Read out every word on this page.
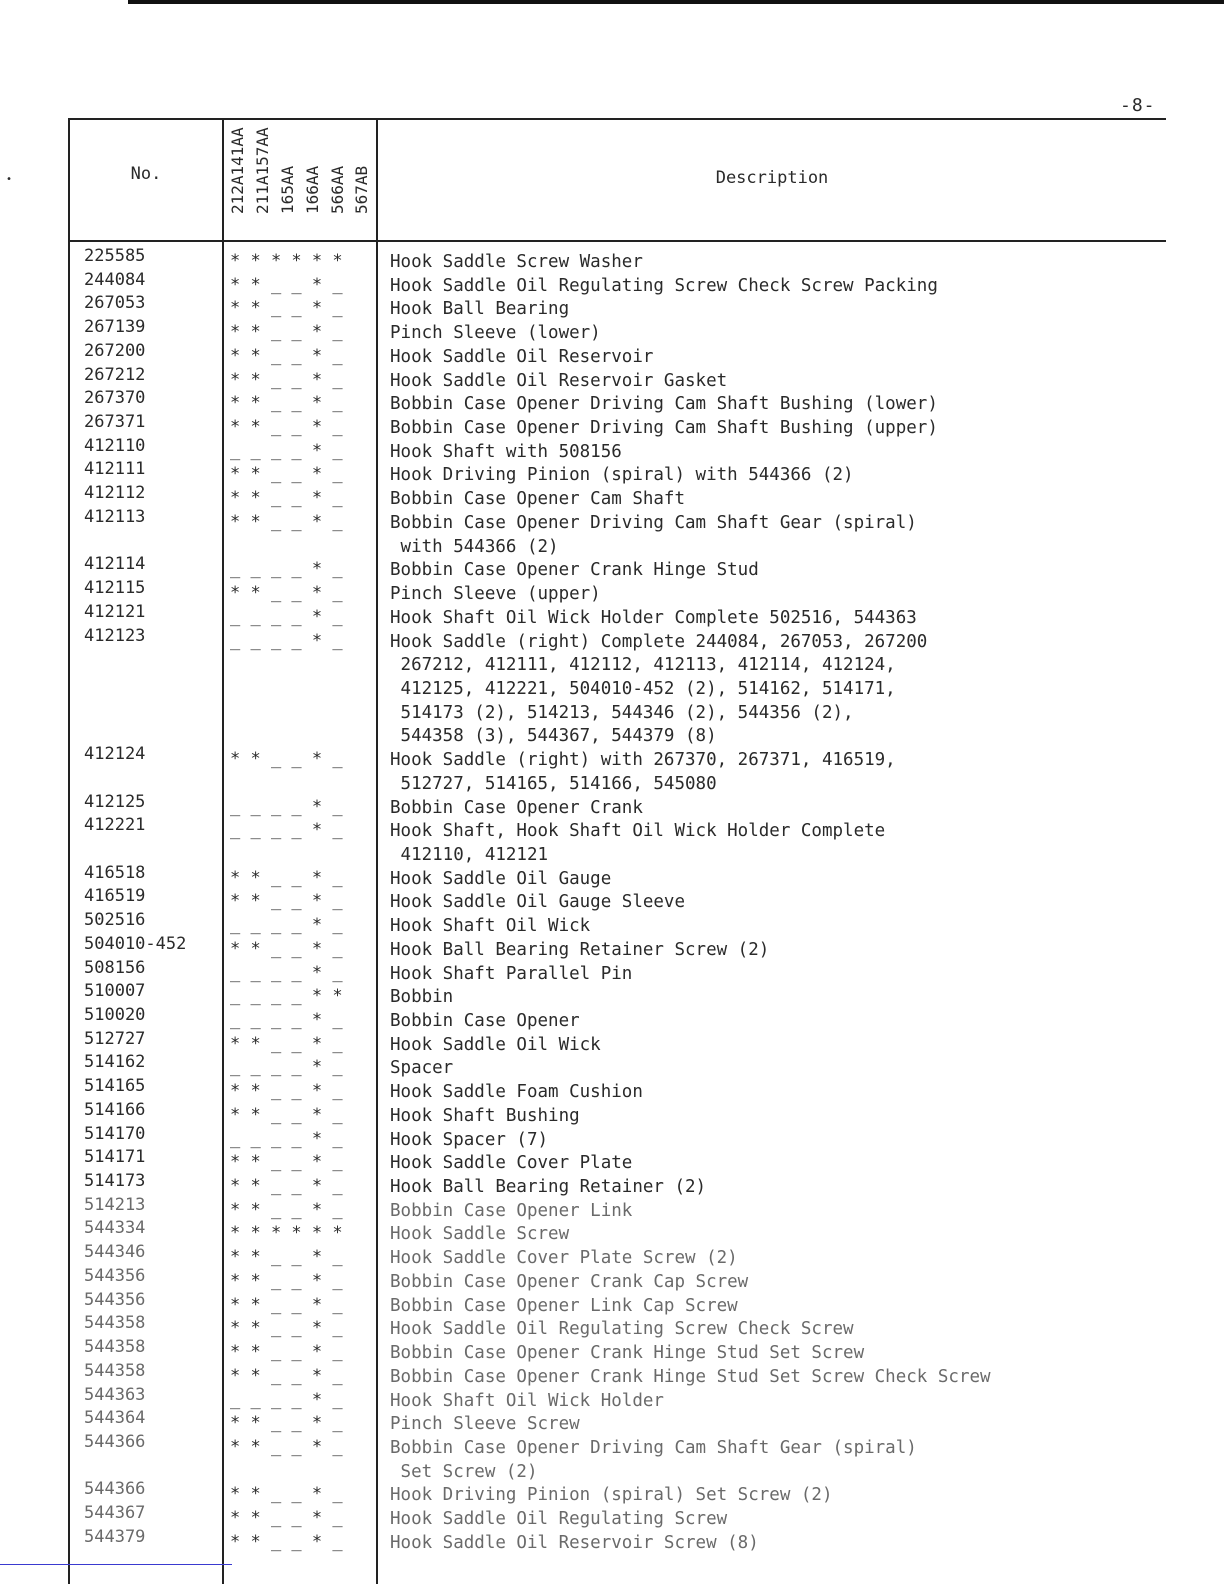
-8-
•	No.	Description
212A141AA 211A157AA 165AA 166AA 566AA 567AB
225585	* * * * * *	Hook Saddle Screw Washer
244084	* * _ _ * _	Hook Saddle Oil Regulating Screw Check Screw Packing
267053	* * _ _ * _	Hook Ball Bearing
267139	* * _ _ * _	Pinch Sleeve (lower)
267200	* * _ _ * _	Hook Saddle Oil Reservoir
267212	* * _ _ * _	Hook Saddle Oil Reservoir Gasket
267370	* * _ _ * _	Bobbin Case Opener Driving Cam Shaft Bushing (lower)
267371	* * _ _ * _	Bobbin Case Opener Driving Cam Shaft Bushing (upper)
412110	_ _ _ _ * _	Hook Shaft with 508156
412111	* * _ _ * _	Hook Driving Pinion (spiral) with 544366 (2)
412112	* * _ _ * _	Bobbin Case Opener Cam Shaft
412113	* * _ _ * _	Bobbin Case Opener Driving Cam Shaft Gear (spiral)
with 544366 (2)
412114	_ _ _ _ * _	Bobbin Case Opener Crank Hinge Stud
412115	* * _ _ * _	Pinch Sleeve (upper)
412121	_ _ _ _ * _	Hook Shaft Oil Wick Holder Complete 502516, 544363
412123	_ _ _ _ * _	Hook Saddle (right) Complete 244084, 267053, 267200
267212, 412111, 412112, 412113, 412114, 412124,
412125, 412221, 504010-452 (2), 514162, 514171,
514173 (2), 514213, 544346 (2), 544356 (2),
544358 (3), 544367, 544379 (8)
412124	* * _ _ * _	Hook Saddle (right) with 267370, 267371, 416519,
512727, 514165, 514166, 545080
412125	_ _ _ _ * _	Bobbin Case Opener Crank
412221	_ _ _ _ * _	Hook Shaft, Hook Shaft Oil Wick Holder Complete
412110, 412121
416518	* * _ _ * _	Hook Saddle Oil Gauge
416519	* * _ _ * _	Hook Saddle Oil Gauge Sleeve
502516	_ _ _ _ * _	Hook Shaft Oil Wick
504010-452	* * _ _ * _	Hook Ball Bearing Retainer Screw (2)
508156	_ _ _ _ * _	Hook Shaft Parallel Pin
510007	_ _ _ _ * *	Bobbin
510020	_ _ _ _ * _	Bobbin Case Opener
512727	* * _ _ * _	Hook Saddle Oil Wick
514162	_ _ _ _ * _	Spacer
514165	* * _ _ * _	Hook Saddle Foam Cushion
514166	* * _ _ * _	Hook Shaft Bushing
514170	_ _ _ _ * _	Hook Spacer (7)
514171	* * _ _ * _	Hook Saddle Cover Plate
514173	* * _ _ * _	Hook Ball Bearing Retainer (2)
514213	* * _ _ * _	Bobbin Case Opener Link
544334	* * * * * *	Hook Saddle Screw
544346	* * _ _ * _	Hook Saddle Cover Plate Screw (2)
544356	* * _ _ * _	Bobbin Case Opener Crank Cap Screw
544356	* * _ _ * _	Bobbin Case Opener Link Cap Screw
544358	* * _ _ * _	Hook Saddle Oil Regulating Screw Check Screw
544358	* * _ _ * _	Bobbin Case Opener Crank Hinge Stud Set Screw
544358	* * _ _ * _	Bobbin Case Opener Crank Hinge Stud Set Screw Check Screw
544363	_ _ _ _ * _	Hook Shaft Oil Wick Holder
544364	* * _ _ * _	Pinch Sleeve Screw
544366	* * _ _ * _	Bobbin Case Opener Driving Cam Shaft Gear (spiral)
Set Screw (2)
544366	* * _ _ * _	Hook Driving Pinion (spiral) Set Screw (2)
544367	* * _ _ * _	Hook Saddle Oil Regulating Screw
544379	* * _ _ * _	Hook Saddle Oil Reservoir Screw (8)
